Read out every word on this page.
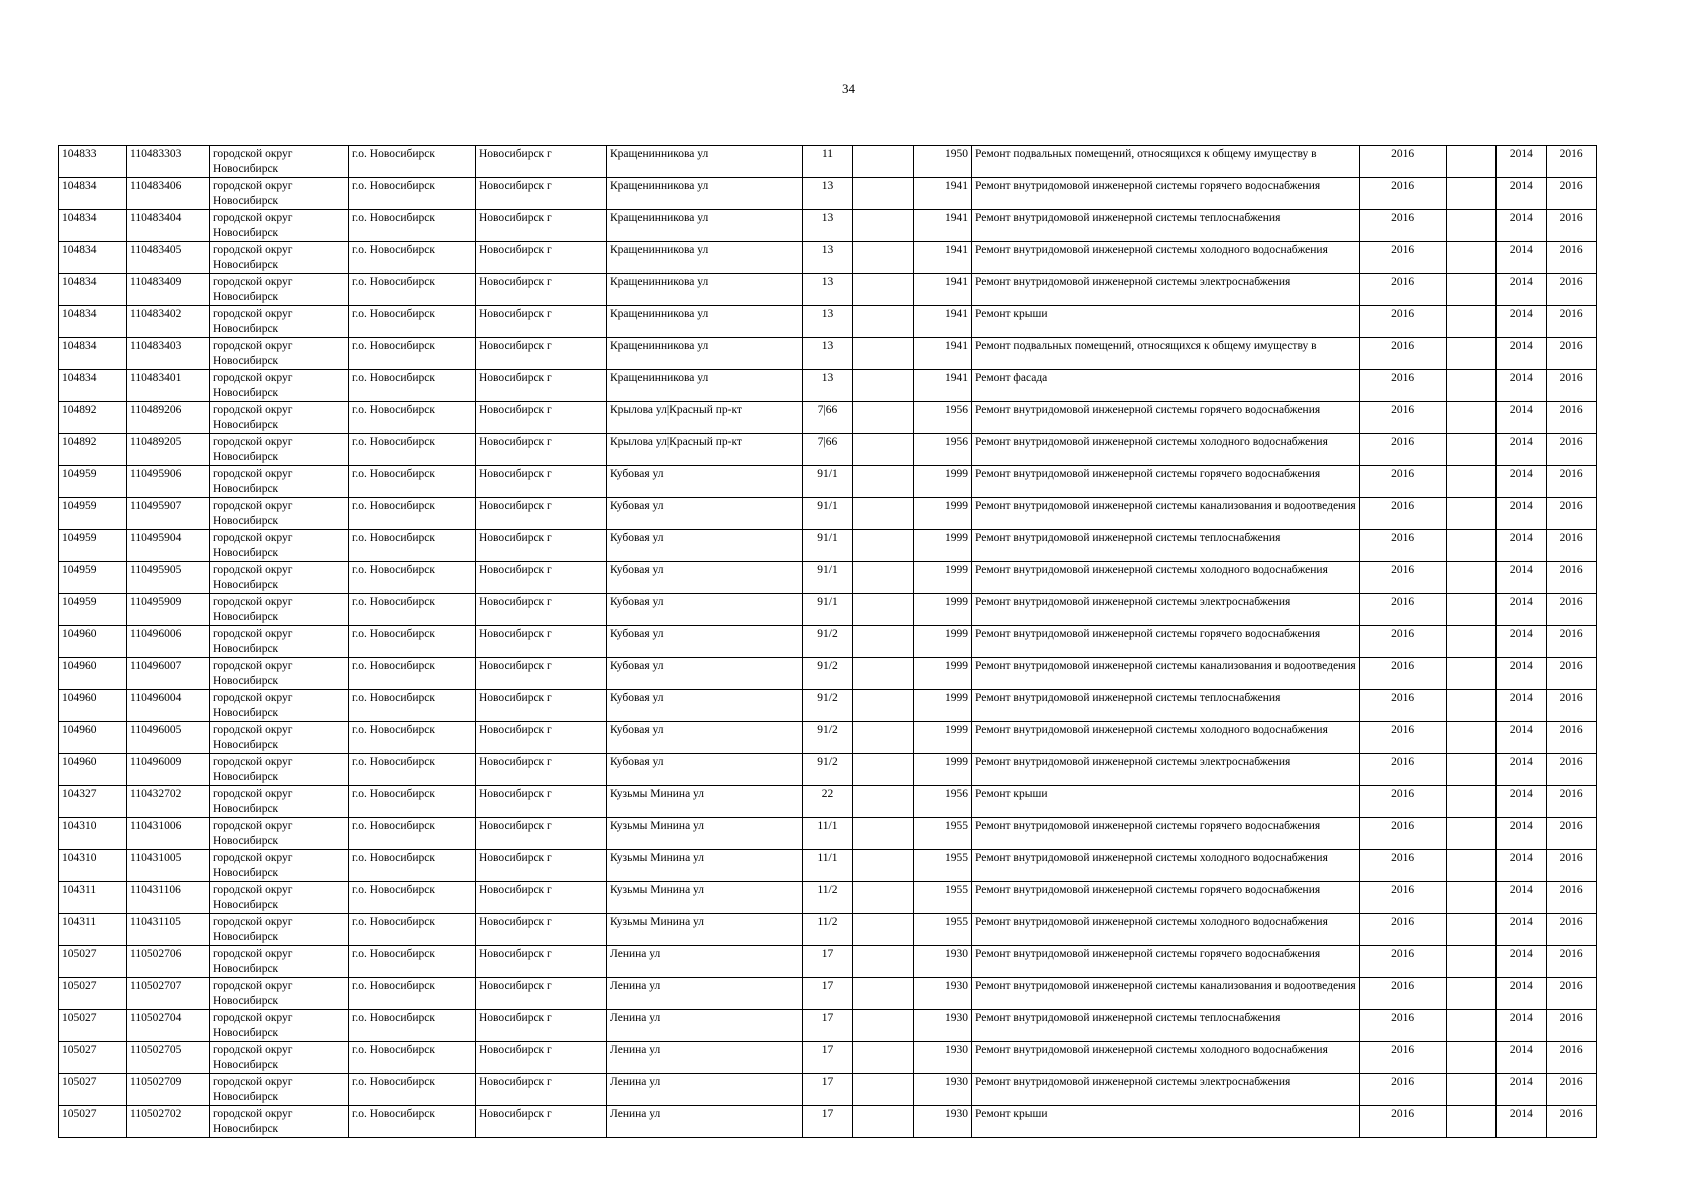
34
104833	110483303	городской округ Новосибирск	г.о. Новосибирск	Новосибирск г	Кращенинникова ул	11		1950	Ремонт подвальных помещений, относящихся к общему имуществу в	2016		2014	2016
104834	110483406	городской округ Новосибирск	г.о. Новосибирск	Новосибирск г	Кращенинникова ул	13		1941	Ремонт внутридомовой инженерной системы горячего водоснабжения	2016		2014	2016
104834	110483404	городской округ Новосибирск	г.о. Новосибирск	Новосибирск г	Кращенинникова ул	13		1941	Ремонт внутридомовой инженерной системы теплоснабжения	2016		2014	2016
104834	110483405	городской округ Новосибирск	г.о. Новосибирск	Новосибирск г	Кращенинникова ул	13		1941	Ремонт внутридомовой инженерной системы холодного водоснабжения	2016		2014	2016
104834	110483409	городской округ Новосибирск	г.о. Новосибирск	Новосибирск г	Кращенинникова ул	13		1941	Ремонт внутридомовой инженерной системы электроснабжения	2016		2014	2016
104834	110483402	городской округ Новосибирск	г.о. Новосибирск	Новосибирск г	Кращенинникова ул	13		1941	Ремонт крыши	2016		2014	2016
104834	110483403	городской округ Новосибирск	г.о. Новосибирск	Новосибирск г	Кращенинникова ул	13		1941	Ремонт подвальных помещений, относящихся к общему имуществу в	2016		2014	2016
104834	110483401	городской округ Новосибирск	г.о. Новосибирск	Новосибирск г	Кращенинникова ул	13		1941	Ремонт фасада	2016		2014	2016
104892	110489206	городской округ Новосибирск	г.о. Новосибирск	Новосибирск г	Крылова ул|Красный пр-кт	7|66		1956	Ремонт внутридомовой инженерной системы горячего водоснабжения	2016		2014	2016
104892	110489205	городской округ Новосибирск	г.о. Новосибирск	Новосибирск г	Крылова ул|Красный пр-кт	7|66		1956	Ремонт внутридомовой инженерной системы холодного водоснабжения	2016		2014	2016
104959	110495906	городской округ Новосибирск	г.о. Новосибирск	Новосибирск г	Кубовая ул	91/1		1999	Ремонт внутридомовой инженерной системы горячего водоснабжения	2016		2014	2016
104959	110495907	городской округ Новосибирск	г.о. Новосибирск	Новосибирск г	Кубовая ул	91/1		1999	Ремонт внутридомовой инженерной системы канализования и водоотведения	2016		2014	2016
104959	110495904	городской округ Новосибирск	г.о. Новосибирск	Новосибирск г	Кубовая ул	91/1		1999	Ремонт внутридомовой инженерной системы теплоснабжения	2016		2014	2016
104959	110495905	городской округ Новосибирск	г.о. Новосибирск	Новосибирск г	Кубовая ул	91/1		1999	Ремонт внутридомовой инженерной системы холодного водоснабжения	2016		2014	2016
104959	110495909	городской округ Новосибирск	г.о. Новосибирск	Новосибирск г	Кубовая ул	91/1		1999	Ремонт внутридомовой инженерной системы электроснабжения	2016		2014	2016
104960	110496006	городской округ Новосибирск	г.о. Новосибирск	Новосибирск г	Кубовая ул	91/2		1999	Ремонт внутридомовой инженерной системы горячего водоснабжения	2016		2014	2016
104960	110496007	городской округ Новосибирск	г.о. Новосибирск	Новосибирск г	Кубовая ул	91/2		1999	Ремонт внутридомовой инженерной системы канализования и водоотведения	2016		2014	2016
104960	110496004	городской округ Новосибирск	г.о. Новосибирск	Новосибирск г	Кубовая ул	91/2		1999	Ремонт внутридомовой инженерной системы теплоснабжения	2016		2014	2016
104960	110496005	городской округ Новосибирск	г.о. Новосибирск	Новосибирск г	Кубовая ул	91/2		1999	Ремонт внутридомовой инженерной системы холодного водоснабжения	2016		2014	2016
104960	110496009	городской округ Новосибирск	г.о. Новосибирск	Новосибирск г	Кубовая ул	91/2		1999	Ремонт внутридомовой инженерной системы электроснабжения	2016		2014	2016
104327	110432702	городской округ Новосибирск	г.о. Новосибирск	Новосибирск г	Кузьмы Минина ул	22		1956	Ремонт крыши	2016		2014	2016
104310	110431006	городской округ Новосибирск	г.о. Новосибирск	Новосибирск г	Кузьмы Минина ул	11/1		1955	Ремонт внутридомовой инженерной системы горячего водоснабжения	2016		2014	2016
104310	110431005	городской округ Новосибирск	г.о. Новосибирск	Новосибирск г	Кузьмы Минина ул	11/1		1955	Ремонт внутридомовой инженерной системы холодного водоснабжения	2016		2014	2016
104311	110431106	городской округ Новосибирск	г.о. Новосибирск	Новосибирск г	Кузьмы Минина ул	11/2		1955	Ремонт внутридомовой инженерной системы горячего водоснабжения	2016		2014	2016
104311	110431105	городской округ Новосибирск	г.о. Новосибирск	Новосибирск г	Кузьмы Минина ул	11/2		1955	Ремонт внутридомовой инженерной системы холодного водоснабжения	2016		2014	2016
105027	110502706	городской округ Новосибирск	г.о. Новосибирск	Новосибирск г	Ленина ул	17		1930	Ремонт внутридомовой инженерной системы горячего водоснабжения	2016		2014	2016
105027	110502707	городской округ Новосибирск	г.о. Новосибирск	Новосибирск г	Ленина ул	17		1930	Ремонт внутридомовой инженерной системы канализования и водоотведения	2016		2014	2016
105027	110502704	городской округ Новосибирск	г.о. Новосибирск	Новосибирск г	Ленина ул	17		1930	Ремонт внутридомовой инженерной системы теплоснабжения	2016		2014	2016
105027	110502705	городской округ Новосибирск	г.о. Новосибирск	Новосибирск г	Ленина ул	17		1930	Ремонт внутридомовой инженерной системы холодного водоснабжения	2016		2014	2016
105027	110502709	городской округ Новосибирск	г.о. Новосибирск	Новосибирск г	Ленина ул	17		1930	Ремонт внутридомовой инженерной системы электроснабжения	2016		2014	2016
105027	110502702	городской округ Новосибирск	г.о. Новосибирск	Новосибирск г	Ленина ул	17		1930	Ремонт крыши	2016		2014	2016
